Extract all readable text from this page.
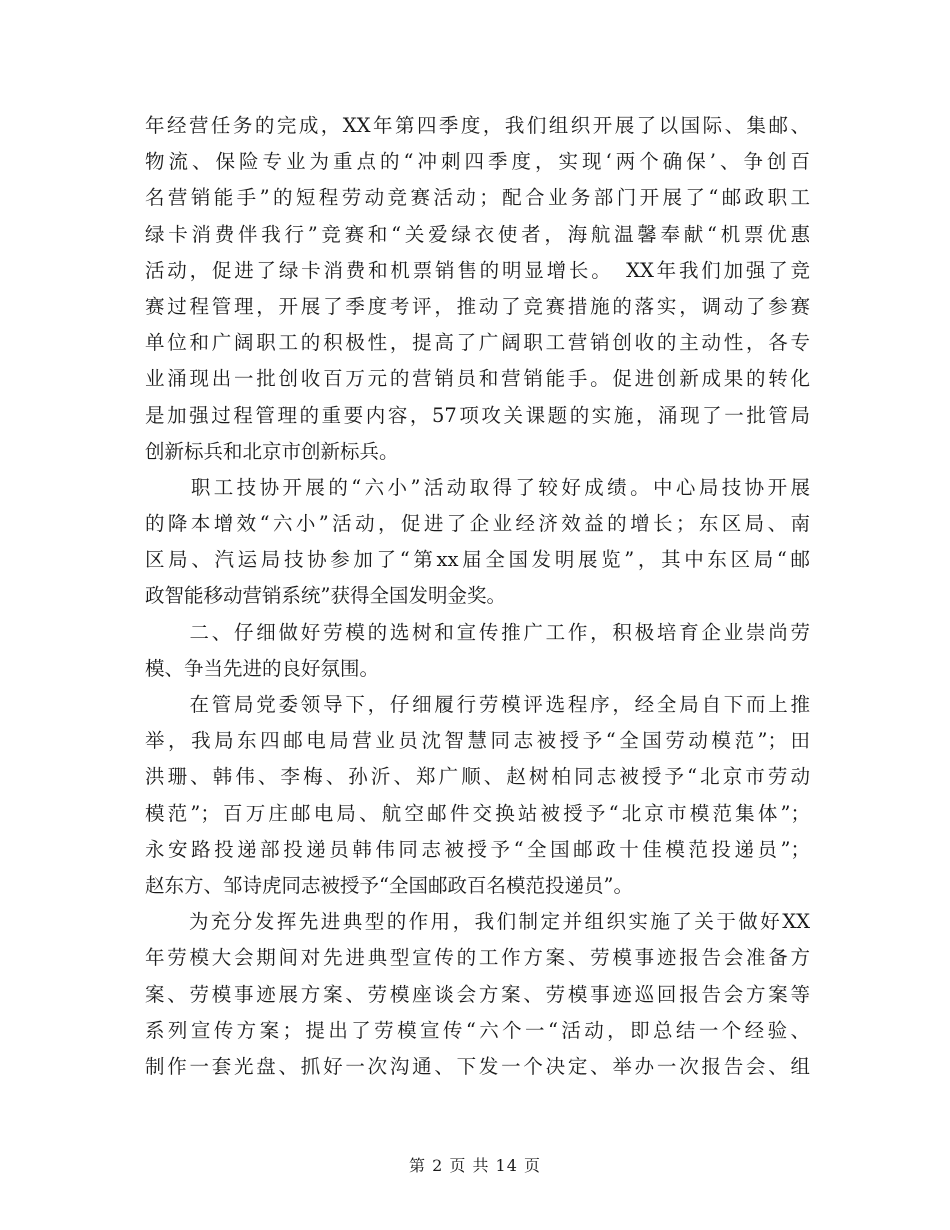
年经营任务的完成，XX年第四季度，我们组织开展了以国际、集邮、
物流、保险专业为重点的“冲刺四季度，实现‘两个确保’、争创百
名营销能手”的短程劳动竞赛活动；配合业务部门开展了“邮政职工
绿卡消费伴我行”竞赛和“关爱绿衣使者，海航温馨奉献“机票优惠
活动，促进了绿卡消费和机票销售的明显增长。　XX年我们加强了竞
赛过程管理，开展了季度考评，推动了竞赛措施的落实，调动了参赛
单位和广阔职工的积极性，提高了广阔职工营销创收的主动性，各专
业涌现出一批创收百万元的营销员和营销能手。促进创新成果的转化
是加强过程管理的重要内容，57项攻关课题的实施，涌现了一批管局
创新标兵和北京市创新标兵。
　　职工技协开展的“六小”活动取得了较好成绩。中心局技协开展
的降本增效“六小”活动，促进了企业经济效益的增长；东区局、南
区局、汽运局技协参加了“第xx届全国发明展览”，其中东区局“邮
政智能移动营销系统”获得全国发明金奖。
　　二、仔细做好劳模的选树和宣传推广工作，积极培育企业崇尚劳
模、争当先进的良好氛围。
　　在管局党委领导下，仔细履行劳模评选程序，经全局自下而上推
举，我局东四邮电局营业员沈智慧同志被授予“全国劳动模范”；田
洪珊、韩伟、李梅、孙沂、郑广顺、赵树柏同志被授予“北京市劳动
模范”；百万庄邮电局、航空邮件交换站被授予“北京市模范集体”；
永安路投递部投递员韩伟同志被授予“全国邮政十佳模范投递员”；
赵东方、邹诗虎同志被授予“全国邮政百名模范投递员”。
　　为充分发挥先进典型的作用，我们制定并组织实施了关于做好XX
年劳模大会期间对先进典型宣传的工作方案、劳模事迹报告会准备方
案、劳模事迹展方案、劳模座谈会方案、劳模事迹巡回报告会方案等
系列宣传方案；提出了劳模宣传“六个一“活动，即总结一个经验、
制作一套光盘、抓好一次沟通、下发一个决定、举办一次报告会、组
第 2 页 共 14 页
